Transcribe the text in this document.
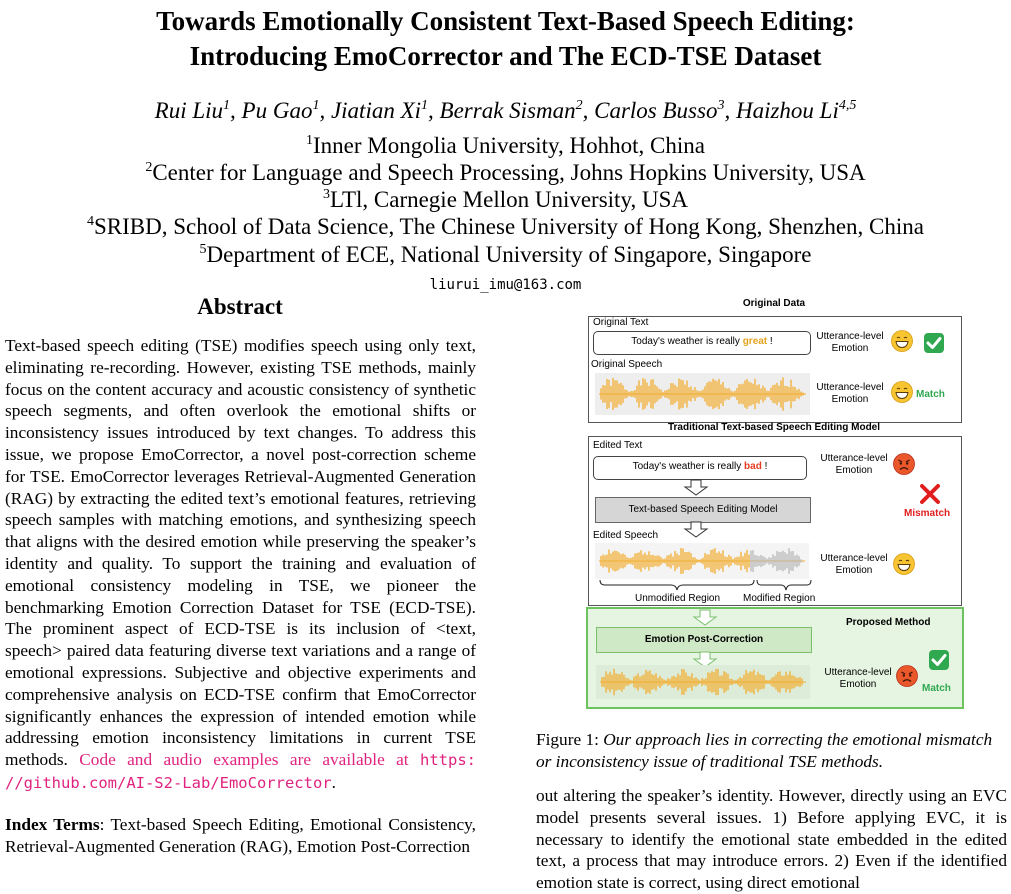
Towards Emotionally Consistent Text-Based Speech Editing:
Introducing EmoCorrector and The ECD-TSE Dataset
Rui Liu$^1$, Pu Gao$^1$, Jiatian Xi$^1$, Berrak Sisman$^2$, Carlos Busso$^3$, Haizhou Li$^{4,5}$
$^1$Inner Mongolia University, Hohhot, China
$^2$Center for Language and Speech Processing, Johns Hopkins University, USA
$^3$LTl, Carnegie Mellon University, USA
$^4$SRIBD, School of Data Science, The Chinese University of Hong Kong, Shenzhen, China
$^5$Department of ECE, National University of Singapore, Singapore
liurui_imu@163.com
Abstract
Text-based speech editing (TSE) modifies speech using only text, eliminating re-recording. However, existing TSE methods, mainly focus on the content accuracy and acoustic consistency of synthetic speech segments, and often overlook the emotional shifts or inconsistency issues introduced by text changes. To address this issue, we propose EmoCorrector, a novel post-correction scheme for TSE. EmoCorrector leverages Retrieval-Augmented Generation (RAG) by extracting the edited text’s emotional features, retrieving speech samples with matching emotions, and synthesizing speech that aligns with the desired emotion while preserving the speaker’s identity and quality. To support the training and evaluation of emotional consistency modeling in TSE, we pioneer the benchmarking Emotion Correction Dataset for TSE (ECD-TSE). The prominent aspect of ECD-TSE is its inclusion of <text, speech> paired data featuring diverse text variations and a range of emotional expressions. Subjective and objective experiments and comprehensive analysis on ECD-TSE confirm that EmoCorrector significantly enhances the expression of intended emotion while addressing emotion inconsistency limitations in current TSE methods. Code and audio examples are available at https: //github.com/AI-S2-Lab/EmoCorrector.
Index Terms: Text-based Speech Editing, Emotional Consistency, Retrieval-Augmented Generation (RAG), Emotion Post-Correction
Original Data
Original Text
Today's weather is really great !
Original Speech
Utterance-level
Emotion
Utterance-level
Emotion	Match
Traditional Text-based Speech Editing Model
Edited Text
Today's weather is really bad !
Text-based Speech Editing Model
Edited Speech
Unmodified Region Modified Region
Utterance-level
Emotion
Utterance-level
Emotion
Mismatch
Proposed Method
Emotion Post-Correction
Utterance-level
Emotion	Match
Figure 1: Our approach lies in correcting the emotional mismatch or inconsistency issue of traditional TSE methods.
out altering the speaker’s identity. However, directly using an EVC model presents several issues. 1) Before applying EVC, it is necessary to identify the emotional state embedded in the edited text, a process that may introduce errors. 2) Even if the identified emotion state is correct, using direct emotional
